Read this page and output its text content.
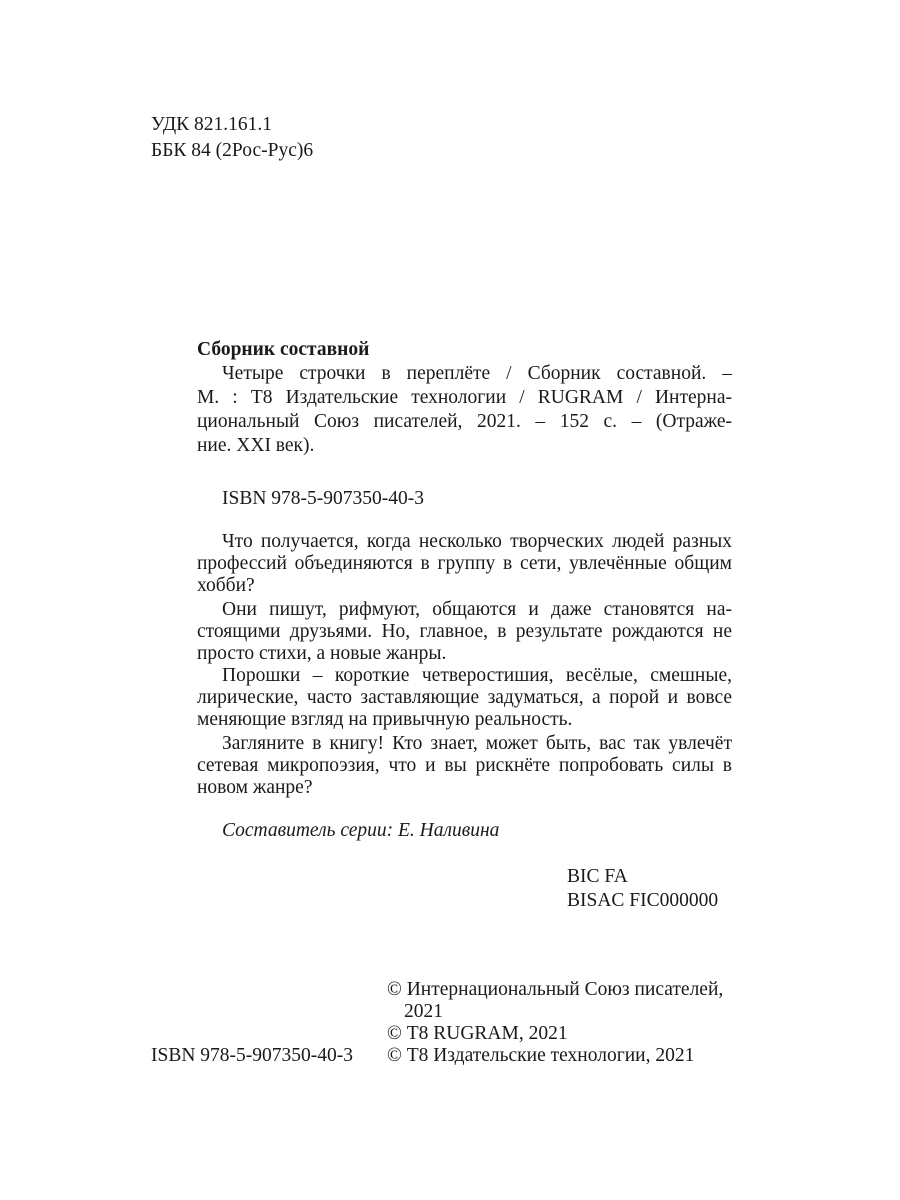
УДК 821.161.1
ББК 84 (2Рос-Рус)6
Сборник составной
Четыре строчки в переплёте / Сборник составной. –
М. : Т8 Издательские технологии / RUGRAM / Интерна-
циональный Союз писателей, 2021. – 152 с. – (Отраже-
ние. XXI век).
ISBN 978-5-907350-40-3
Что получается, когда несколько творческих людей разных
профессий объединяются в группу в сети, увлечённые общим
хобби?
Они пишут, рифмуют, общаются и даже становятся на-
стоящими друзьями. Но, главное, в результате рождаются не
просто стихи, а новые жанры.
Порошки – короткие четверостишия, весёлые, смешные,
лирические, часто заставляющие задуматься, а порой и вовсе
меняющие взгляд на привычную реальность.
Загляните в книгу! Кто знает, может быть, вас так увлечёт
сетевая микропоэзия, что и вы рискнёте попробовать силы в
новом жанре?
Составитель серии: Е. Наливина
BIC FA
BISAC FIC000000
© Интернациональный Союз писателей,
2021
© Т8 RUGRAM, 2021
© Т8 Издательские технологии, 2021
ISBN 978-5-907350-40-3
